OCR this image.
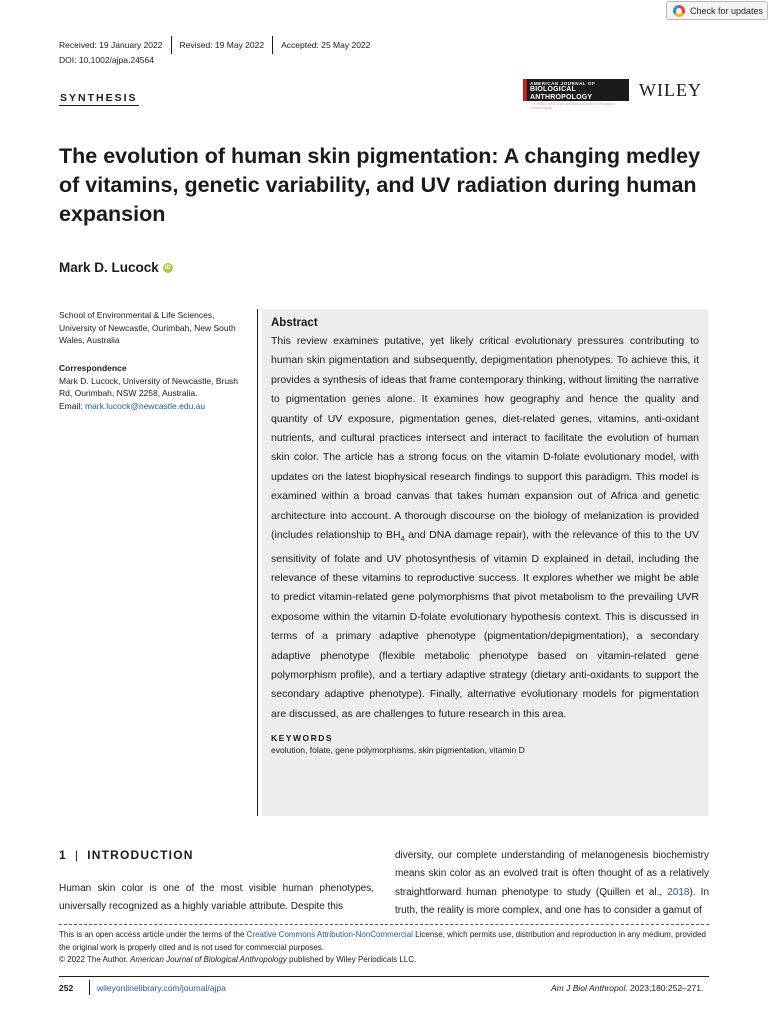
Check for updates
Received: 19 January 2022	Revised: 19 May 2022	Accepted: 25 May 2022
DOI: 10.1002/ajpa.24564
SYNTHESIS
AMERICAN JOURNAL OF
BIOLOGICAL ANTHROPOLOGY
The official journal of the American Association of Biological Anthropologists
WILEY
The evolution of human skin pigmentation: A changing medley of vitamins, genetic variability, and UV radiation during human expansion
Mark D. Lucock	iD
School of Environmental & Life Sciences, University of Newcastle, Ourimbah, New South Wales, Australia
Correspondence
Mark D. Lucock, University of Newcastle, Brush Rd, Ourimbah, NSW 2258, Australia.
Email: mark.lucock@newcastle.edu.au
Abstract

This review examines putative, yet likely critical evolutionary pressures contributing to human skin pigmentation and subsequently, depigmentation phenotypes. To achieve this, it provides a synthesis of ideas that frame contemporary thinking, without limiting the narrative to pigmentation genes alone. It examines how geography and hence the quality and quantity of UV exposure, pigmentation genes, diet-related genes, vitamins, anti-oxidant nutrients, and cultural practices intersect and interact to facilitate the evolution of human skin color. The article has a strong focus on the vitamin D-folate evolutionary model, with updates on the latest biophysical research findings to support this paradigm. This model is examined within a broad canvas that takes human expansion out of Africa and genetic architecture into account. A thorough discourse on the biology of melanization is provided (includes relationship to $BH_4$ and DNA damage repair), with the relevance of this to the UV sensitivity of folate and UV photosynthesis of vitamin D explained in detail, including the relevance of these vitamins to reproductive success. It explores whether we might be able to predict vitamin-related gene polymorphisms that pivot metabolism to the prevailing UVR exposome within the vitamin D-folate evolutionary hypothesis context. This is discussed in terms of a primary adaptive phenotype (pigmentation/depigmentation), a secondary adaptive phenotype (flexible metabolic phenotype based on vitamin-related gene polymorphism profile), and a tertiary adaptive strategy (dietary anti-oxidants to support the secondary adaptive phenotype). Finally, alternative evolutionary models for pigmentation are discussed, as are challenges to future research in this area.

KEYWORDS
evolution, folate, gene polymorphisms, skin pigmentation, vitamin D
1 | INTRODUCTION
Human skin color is one of the most visible human phenotypes, universally recognized as a highly variable attribute. Despite this
diversity, our complete understanding of melanogenesis biochemistry means skin color as an evolved trait is often thought of as a relatively straightforward human phenotype to study (Quillen et al., 2018). In truth, the reality is more complex, and one has to consider a gamut of
This is an open access article under the terms of the Creative Commons Attribution-NonCommercial License, which permits use, distribution and reproduction in any medium, provided the original work is properly cited and is not used for commercial purposes.
© 2022 The Author. American Journal of Biological Anthropology published by Wiley Periodicals LLC.
252	wileyonlinelibrary.com/journal/ajpa	Am J Biol Anthropol. 2023;180:252–271.
